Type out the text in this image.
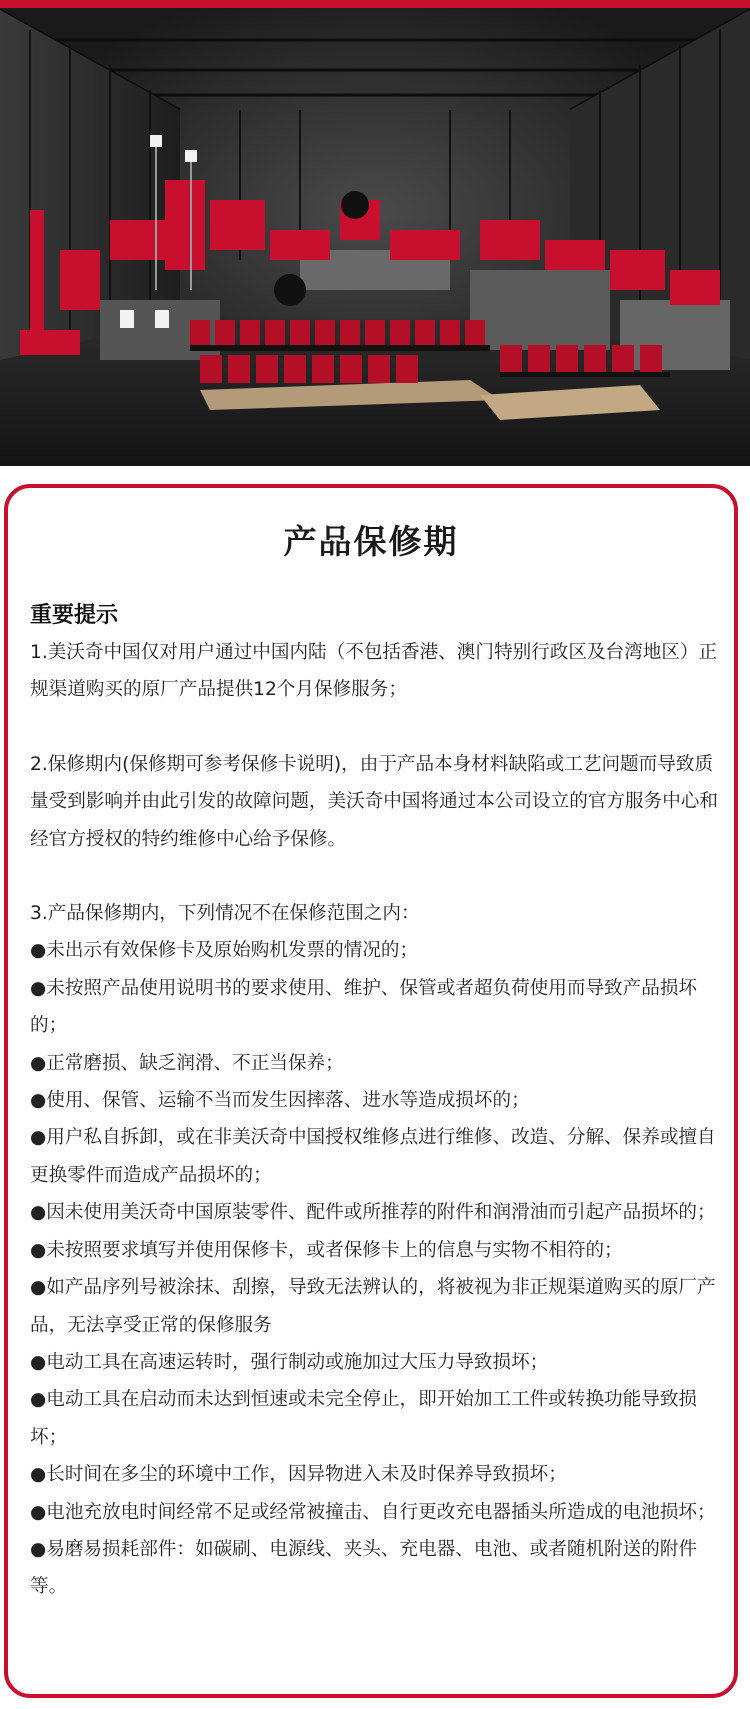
产品保修期
重要提示

1.美沃奇中国仅对用户通过中国内陆（不包括香港、澳门特别行政区及台湾地区）正规渠道购买的原厂产品提供12个月保修服务；

2.保修期内(保修期可参考保修卡说明)，由于产品本身材料缺陷或工艺问题而导致质量受到影响并由此引发的故障问题，美沃奇中国将通过本公司设立的官方服务中心和经官方授权的特约维修中心给予保修。

3.产品保修期内，下列情况不在保修范围之内：

●未出示有效保修卡及原始购机发票的情况的；

●未按照产品使用说明书的要求使用、维护、保管或者超负荷使用而导致产品损坏的；

●正常磨损、缺乏润滑、不正当保养；

●使用、保管、运输不当而发生因摔落、进水等造成损坏的；

●用户私自拆卸，或在非美沃奇中国授权维修点进行维修、改造、分解、保养或擅自更换零件而造成产品损坏的；

●因未使用美沃奇中国原装零件、配件或所推荐的附件和润滑油而引起产品损坏的；

●未按照要求填写并使用保修卡，或者保修卡上的信息与实物不相符的；

●如产品序列号被涂抹、刮擦，导致无法辨认的，将被视为非正规渠道购买的原厂产品，无法享受正常的保修服务

●电动工具在高速运转时，强行制动或施加过大压力导致损坏；

●电动工具在启动而未达到恒速或未完全停止，即开始加工工件或转换功能导致损坏；

●长时间在多尘的环境中工作，因异物进入未及时保养导致损坏；

●电池充放电时间经常不足或经常被撞击、自行更改充电器插头所造成的电池损坏；

●易磨易损耗部件：如碳刷、电源线、夹头、充电器、电池、或者随机附送的附件等。
